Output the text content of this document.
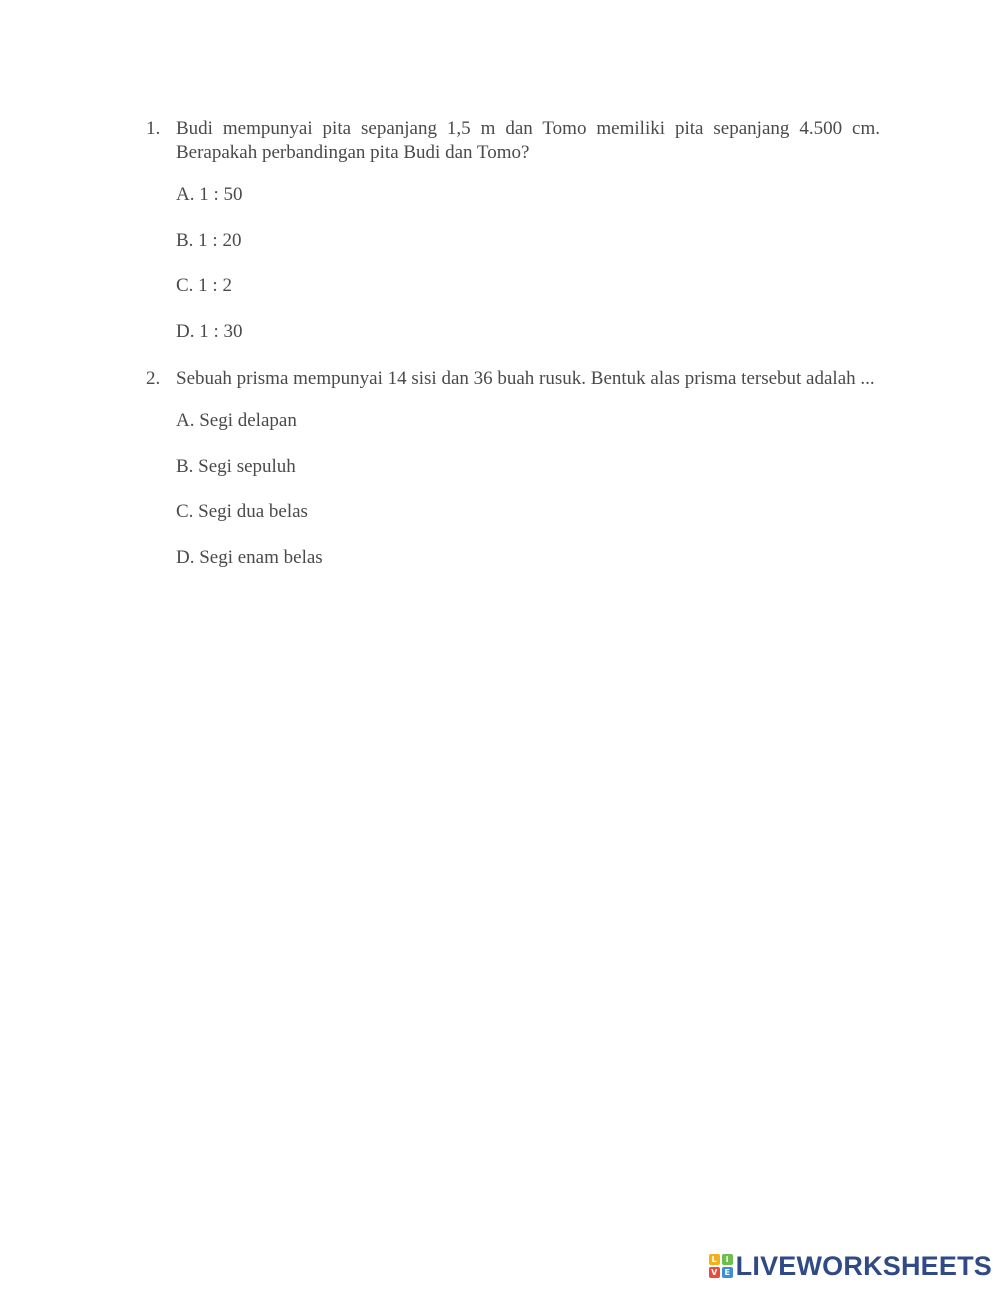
1. Budi mempunyai pita sepanjang 1,5 m dan Tomo memiliki pita sepanjang 4.500 cm. Berapakah perbandingan pita Budi dan Tomo?
A. 1 : 50
B. 1 : 20
C. 1 : 2
D. 1 : 30
2. Sebuah prisma mempunyai 14 sisi dan 36 buah rusuk. Bentuk alas prisma tersebut adalah ...
A. Segi delapan
B. Segi sepuluh
C. Segi dua belas
D. Segi enam belas
L	I
V E LIVEWORKSHEETS
